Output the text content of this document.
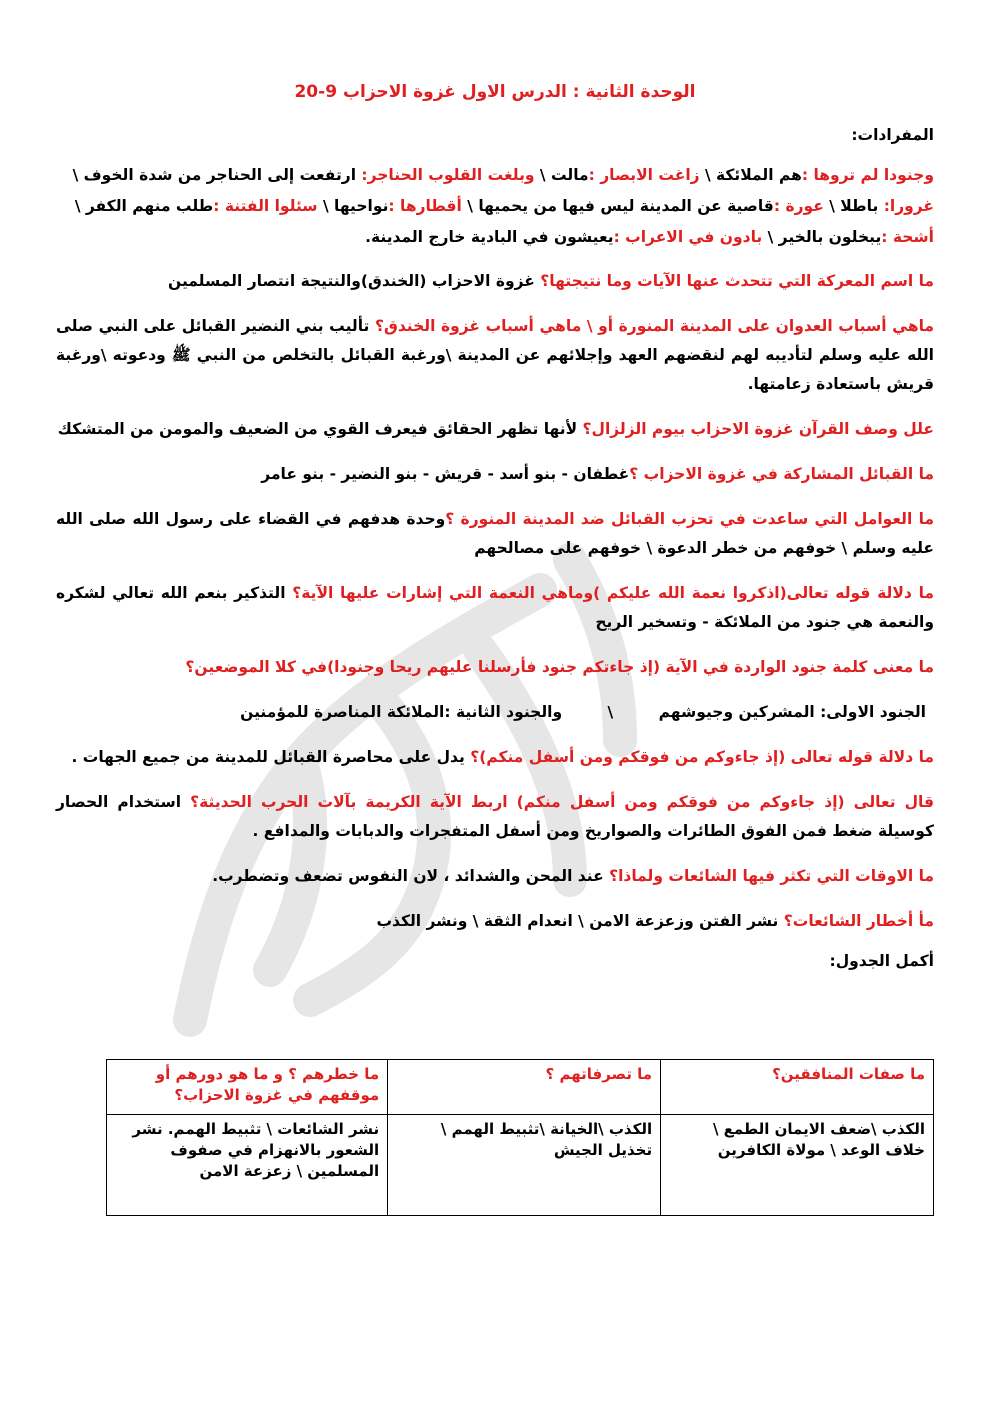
الوحدة الثانية : الدرس الاول غزوة الاحزاب 9-20
المفرادات:
وجنودا لم تروها :هم الملائكة \ زاغت الابصار :مالت \ وبلغت القلوب الحناجر: ارتفعت إلى الحناجر من شدة الخوف \ غرورا: باطلا \ عورة :قاصية عن المدينة ليس فيها من يحميها \ أقطارها :نواحيها \ سئلوا الفتنة :طلب منهم الكفر \ أشحة :يبخلون بالخير \ بادون في الاعراب :يعيشون في البادية خارج المدينة.

ما اسم المعركة التي تتحدث عنها الآيات وما نتيجتها؟ غزوة الاحزاب (الخندق)والنتيجة انتصار المسلمين

ماهي أسباب العدوان على المدينة المنورة أو \ ماهي أسباب غزوة الخندق؟ تأليب بني النضير القبائل على النبي صلى الله عليه وسلم لتأديبه لهم لنقضهم العهد وإجلائهم عن المدينة \ورغبة القبائل بالتخلص من النبي ﷺ ودعوته \ورغبة قريش باستعادة زعامتها.

علل وصف القرآن غزوة الاحزاب بيوم الزلزال؟ لأنها تظهر الحقائق فيعرف القوي من الضعيف والمومن من المتشكك

ما القبائل المشاركة في غزوة الاحزاب ؟غطفان - بنو أسد - قريش - بنو النضير - بنو عامر

ما العوامل التي ساعدت في تحزب القبائل ضد المدينة المنورة ؟وحدة هدفهم في القضاء على رسول الله صلى الله عليه وسلم \ خوفهم من خطر الدعوة \ خوفهم على مصالحهم

ما دلالة قوله تعالى(اذكروا نعمة الله عليكم )وماهي النعمة التي إشارات عليها الآية؟ التذكير بنعم الله تعالي لشكره والنعمة هي جنود من الملائكة - وتسخير الريح

ما معنى كلمة جنود الواردة في الآية (إذ جاءتكم جنود فأرسلنا عليهم ريحا وجنودا)في كلا الموضعين؟

الجنود الاولى: المشركين وجيوشهم \ والجنود الثانية :الملائكة المناصرة للمؤمنين

ما دلالة قوله تعالى (إذ جاءوكم من فوقكم ومن أسفل منكم)؟ يدل على محاصرة القبائل للمدينة من جميع الجهات .

قال تعالى (إذ جاءوكم من فوقكم ومن أسفل منكم) اربط الآية الكريمة بآلات الحرب الحديثة؟ استخدام الحصار كوسيلة ضغط فمن الفوق الطائرات والصواريخ ومن أسفل المتفجرات والدبابات والمدافع .

ما الاوقات التي تكثر فيها الشائعات ولماذا؟ عند المحن والشدائد ، لان النفوس تضعف وتضطرب.

مأ أخطار الشائعات؟ نشر الفتن وزعزعة الامن \ انعدام الثقة \ ونشر الكذب

أكمل الجدول:
ما صفات المنافقين؟	ما تصرفاتهم ؟	ما خطرهم ؟ و ما هو دورهم أو موقفهم في غزوة الاحزاب؟
الكذب \ضعف الايمان الطمع \ خلاف الوعد \ مولاة الكافرين	الكذب \الخيانة \تثبيط الهمم \ تخذيل الجيش	نشر الشائعات \ تثبيط الهمم. نشر الشعور بالانهزام في صفوف المسلمين \ زعزعة الامن
